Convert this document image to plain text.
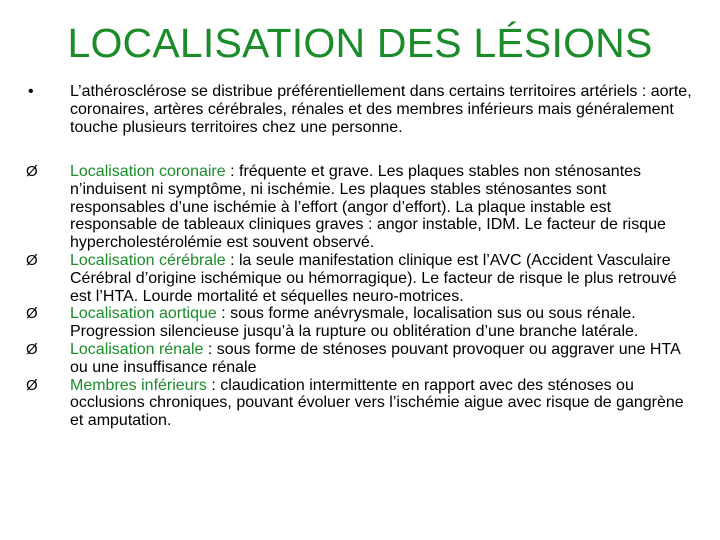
LOCALISATION DES LÉSIONS
•	L’athérosclérose se distribue préférentiellement dans certains territoires artériels : aorte, coronaires, artères cérébrales, rénales et des membres inférieurs mais généralement touche plusieurs territoires chez une personne.
Ø	Localisation coronaire : fréquente et grave. Les plaques stables non sténosantes n’induisent ni symptôme, ni ischémie. Les plaques stables sténosantes sont responsables d’une ischémie à l’effort (angor d’effort). La plaque instable est responsable de tableaux cliniques graves : angor instable, IDM. Le facteur de risque hypercholestérolémie est souvent observé.
Ø	Localisation cérébrale : la seule manifestation clinique est l’AVC (Accident Vasculaire Cérébral d’origine ischémique ou hémorragique). Le facteur de risque le plus retrouvé est l’HTA. Lourde mortalité et séquelles neuro-motrices.
Ø	Localisation aortique : sous forme anévrysmale, localisation sus ou sous rénale. Progression silencieuse jusqu’à la rupture ou oblitération d’une branche latérale.
Ø	Localisation rénale : sous forme de sténoses pouvant provoquer ou aggraver une HTA ou une insuffisance rénale
Ø	Membres inférieurs : claudication intermittente en rapport avec des sténoses ou occlusions chroniques, pouvant évoluer vers l’ischémie aigue avec risque de gangrène et amputation.
